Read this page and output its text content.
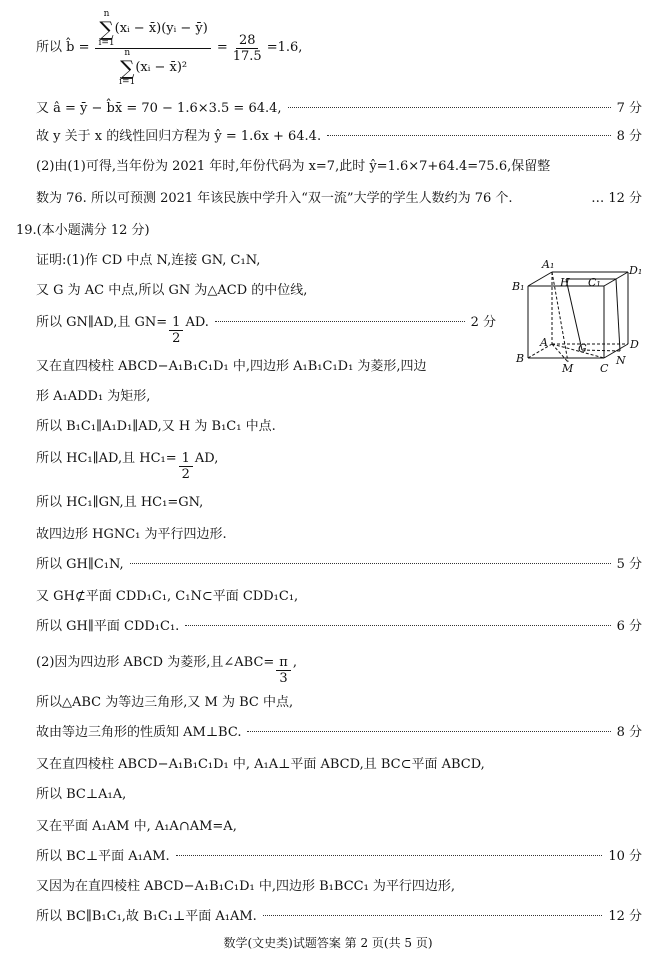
所以 b̂ =
n
∑
i=1
(xᵢ − x̄)(yᵢ − ȳ)
n
∑
i=1
(xᵢ − x̄)²
= $\frac{28}{17.5} =1.6$,
又 â = ȳ − b̂x̄ = 70 − 1.6×3.5 = 64.4,	7 分
故 y 关于 x 的线性回归方程为 ŷ = 1.6x + 64.4.	8 分
(2)由(1)可得,当年份为 2021 年时,年份代码为 x=7,此时 ŷ=1.6×7+64.4=75.6,保留整
数为 76. 所以可预测 2021 年该民族中学升入“双一流”大学的学生人数约为 76 个.	… 12 分
19.(本小题满分 12 分)
证明:(1)作 CD 中点 N,连接 GN, C₁N,
又 G 为 AC 中点,所以 GN 为△ACD 的中位线,
所以 GN∥AD,且 $GN= \frac{1}{2}$ AD.	2 分
又在直四棱柱 ABCD−A₁B₁C₁D₁ 中,四边形 A₁B₁C₁D₁ 为菱形,四边
形 A₁ADD₁ 为矩形,
所以 B₁C₁∥A₁D₁∥AD,又 H 为 B₁C₁ 中点.
所以 HC₁∥AD,且 $HC_1= \frac{1}{2}$ AD,
所以 HC₁∥GN,且 HC₁=GN,
故四边形 HGNC₁ 为平行四边形.
所以 GH∥C₁N,	5 分
又 GH⊄平面 CDD₁C₁, C₁N⊂平面 CDD₁C₁,
所以 GH∥平面 CDD₁C₁.	6 分
(2)因为四边形 ABCD 为菱形,且∠ABC= $\frac{\pi}{3}$ ,
所以△ABC 为等边三角形,又 M 为 BC 中点,
故由等边三角形的性质知 AM⊥BC.	8 分
又在直四棱柱 ABCD−A₁B₁C₁D₁ 中, A₁A⊥平面 ABCD,且 BC⊂平面 ABCD,
所以 BC⊥A₁A,
又在平面 A₁AM 中, A₁A∩AM=A,
所以 BC⊥平面 A₁AM.	10 分
又因为在直四棱柱 ABCD−A₁B₁C₁D₁ 中,四边形 B₁BCC₁ 为平行四边形,
所以 BC∥B₁C₁,故 B₁C₁⊥平面 A₁AM.	12 分
A₁
H C₁
D₁
B₁
A	G	D
B
M C
N
数学(文史类)试题答案 第 2 页(共 5 页)
